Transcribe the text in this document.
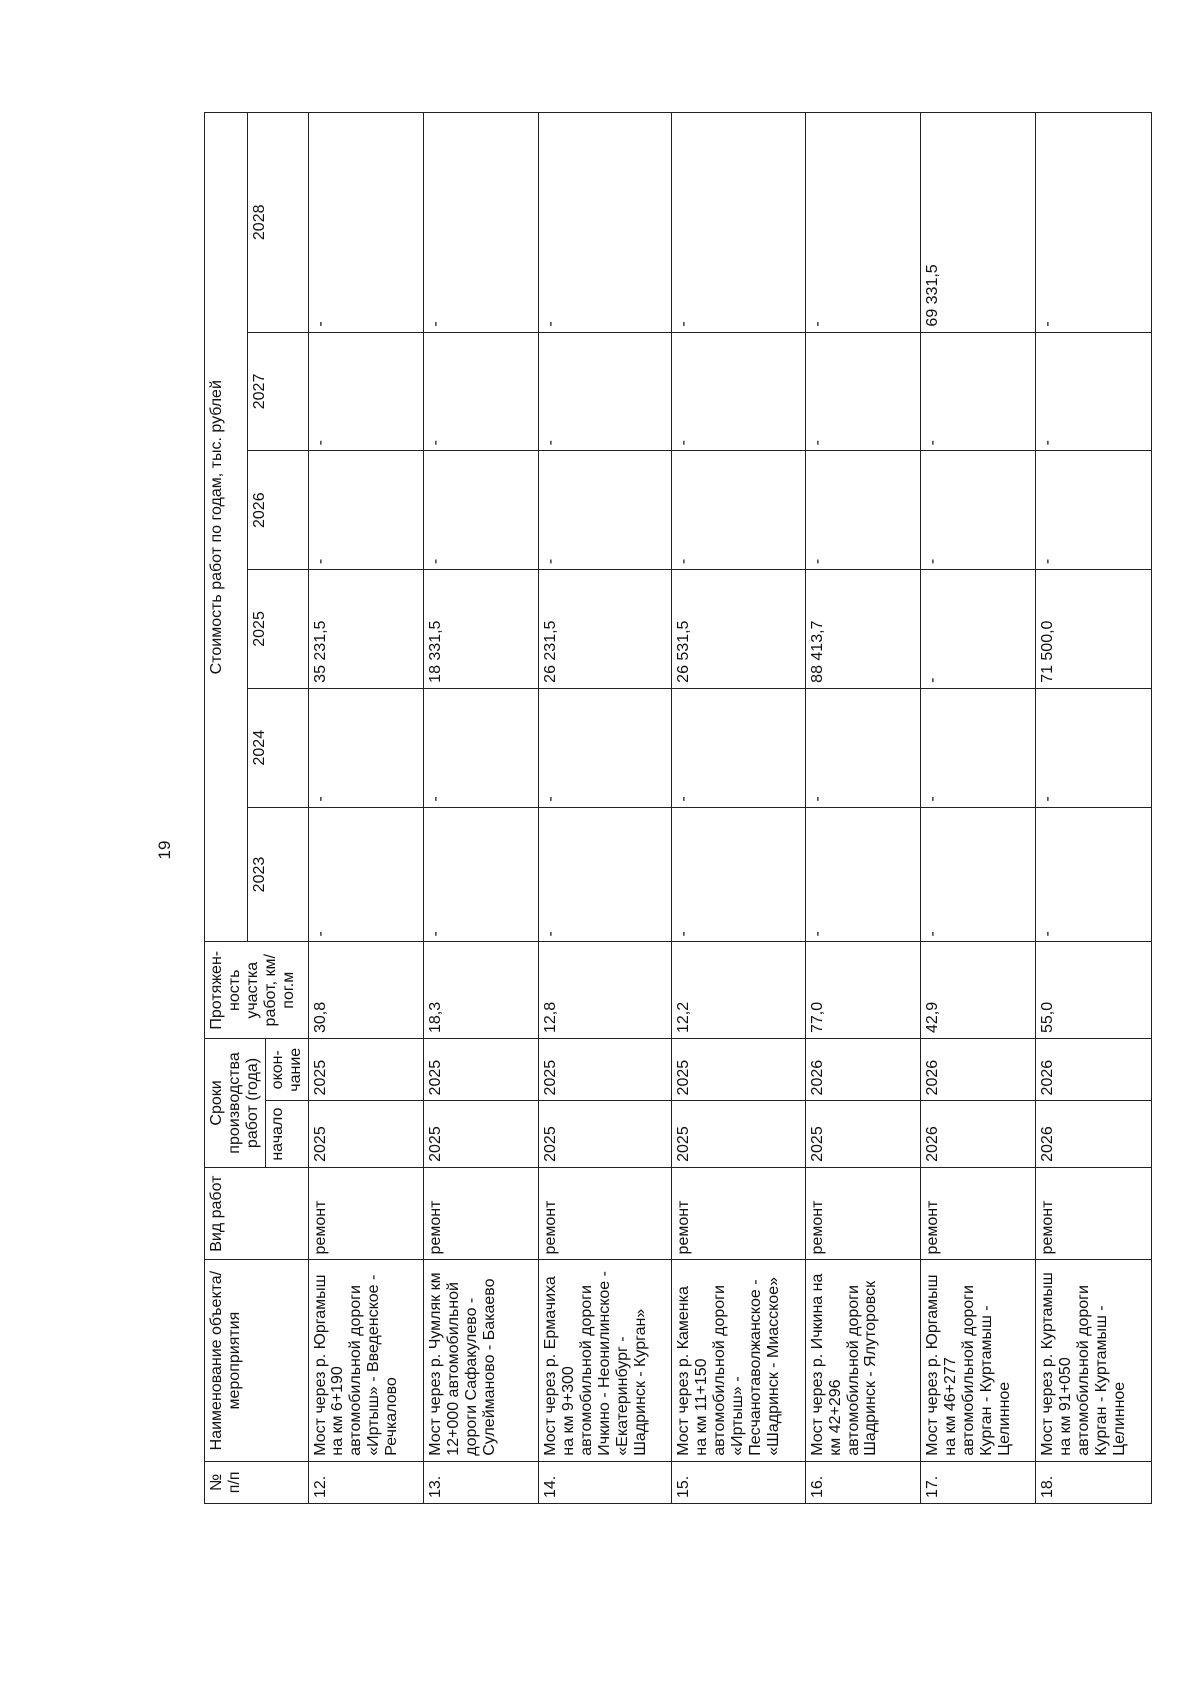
19
№ п/п	Наименование объекта/ мероприятия	Вид работ	Сроки производства работ (года)		Протяжен-ность участка работ, км/ пог.м	Стоимость работ по годам, тыс. рублей					
						2023	2024	2025	2026	2027	2028
			начало	окон-чание							
12.	Мост через р. Юргамыш на км 6+190 автомобильной дороги «Иртыш» - Введенское - Речкалово	ремонт	2025	2025	30,8	-	-	35 231,5	-	-	-
13.	Мост через р. Чумляк км 12+000 автомобильной дороги Сафакулево - Сулейманово - Бакаево	ремонт	2025	2025	18,3	-	-	18 331,5	-	-	-
14.	Мост через р. Ермачиха на км 9+300 автомобильной дороги Ичкино - Неонилинское - «Екатеринбург - Шадринск - Курган»	ремонт	2025	2025	12,8	-	-	26 231,5	-	-	-
15.	Мост через р. Каменка на км 11+150 автомобильной дороги «Иртыш» - Песчанотаволжанское - «Шадринск - Миасское»	ремонт	2025	2025	12,2	-	-	26 531,5	-	-	-
16.	Мост через р. Ичкина на км 42+296 автомобильной дороги Шадринск - Ялуторовск	ремонт	2025	2026	77,0	-	-	88 413,7	-	-	-
17.	Мост через р. Юргамыш на км 46+277 автомобильной дороги Курган - Куртамыш - Целинное	ремонт	2026	2026	42,9	-	-	-	-	-	69 331,5
18.	Мост через р. Куртамыш на км 91+050 автомобильной дороги Курган - Куртамыш - Целинное	ремонт	2026	2026	55,0	-	-	71 500,0	-	-	-
